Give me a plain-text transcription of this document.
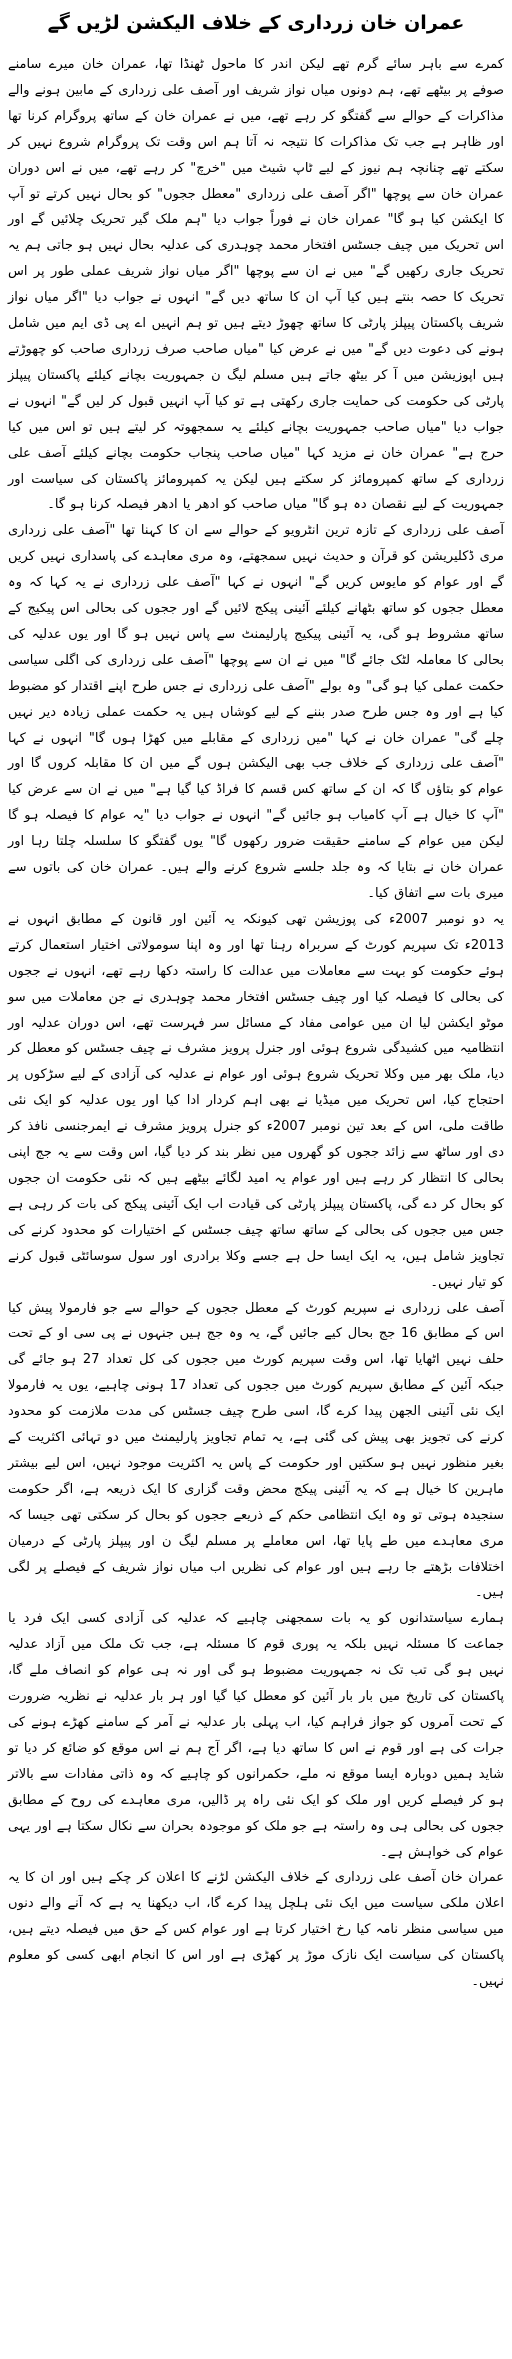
عمران خان زرداری کے خلاف الیکشن لڑیں گے

کمرے سے باہر سائے گرم تھے لیکن اندر کا ماحول ٹھنڈا تھا، عمران خان میرے سامنے صوفے پر بیٹھے تھے، ہم دونوں میاں نواز شریف اور آصف علی زرداری کے مابین ہونے والے مذاکرات کے حوالے سے گفتگو کر رہے تھے، میں نے عمران خان کے ساتھ پروگرام کرنا تھا اور ظاہر ہے جب تک مذاکرات کا نتیجہ نہ آتا ہم اس وقت تک پروگرام شروع نہیں کر سکتے تھے چنانچہ ہم نیوز کے لیے ٹاپ شیٹ میں "خرچ" کر رہے تھے، میں نے اس دوران عمران خان سے پوچھا "اگر آصف علی زرداری "معطل ججوں" کو بحال نہیں کرتے تو آپ کا ایکشن کیا ہو گا" عمران خان نے فوراً جواب دیا "ہم ملک گیر تحریک چلائیں گے اور اس تحریک میں چیف جسٹس افتخار محمد چوہدری کی عدلیہ بحال نہیں ہو جاتی ہم یہ تحریک جاری رکھیں گے" میں نے ان سے پوچھا "اگر میاں نواز شریف عملی طور پر اس تحریک کا حصہ بنتے ہیں کیا آپ ان کا ساتھ دیں گے" انہوں نے جواب دیا "اگر میاں نواز شریف پاکستان پیپلز پارٹی کا ساتھ چھوڑ دیتے ہیں تو ہم انہیں اے پی ڈی ایم میں شامل ہونے کی دعوت دیں گے" میں نے عرض کیا "میاں صاحب صرف زرداری صاحب کو چھوڑتے ہیں اپوزیشن میں آ کر بیٹھ جاتے ہیں مسلم لیگ ن جمہوریت بچانے کیلئے پاکستان پیپلز پارٹی کی حکومت کی حمایت جاری رکھتی ہے تو کیا آپ انہیں قبول کر لیں گے" انہوں نے جواب دیا "میاں صاحب جمہوریت بچانے کیلئے یہ سمجھوتہ کر لیتے ہیں تو اس میں کیا حرج ہے" عمران خان نے مزید کہا "میاں صاحب پنجاب حکومت بچانے کیلئے آصف علی زرداری کے ساتھ کمپرومائز کر سکتے ہیں لیکن یہ کمپرومائز پاکستان کی سیاست اور جمہوریت کے لیے نقصان دہ ہو گا" میاں صاحب کو ادھر یا ادھر فیصلہ کرنا ہو گا۔

آصف علی زرداری کے تازہ ترین انٹرویو کے حوالے سے ان کا کہنا تھا "آصف علی زرداری مری ڈکلیریشن کو قرآن و حدیث نہیں سمجھتے، وہ مری معاہدے کی پاسداری نہیں کریں گے اور عوام کو مایوس کریں گے" انہوں نے کہا "آصف علی زرداری نے یہ کہا کہ وہ معطل ججوں کو ساتھ بٹھانے کیلئے آئینی پیکج لائیں گے اور ججوں کی بحالی اس پیکیج کے ساتھ مشروط ہو گی، یہ آئینی پیکیج پارلیمنٹ سے پاس نہیں ہو گا اور یوں عدلیہ کی بحالی کا معاملہ لٹک جائے گا" میں نے ان سے پوچھا "آصف علی زرداری کی اگلی سیاسی حکمت عملی کیا ہو گی" وہ بولے "آصف علی زرداری نے جس طرح اپنے اقتدار کو مضبوط کیا ہے اور وہ جس طرح صدر بننے کے لیے کوشاں ہیں یہ حکمت عملی زیادہ دیر نہیں چلے گی" عمران خان نے کہا "میں زرداری کے مقابلے میں کھڑا ہوں گا" انہوں نے کہا "آصف علی زرداری کے خلاف جب بھی الیکشن ہوں گے میں ان کا مقابلہ کروں گا اور عوام کو بتاؤں گا کہ ان کے ساتھ کس قسم کا فراڈ کیا گیا ہے" میں نے ان سے عرض کیا "آپ کا خیال ہے آپ کامیاب ہو جائیں گے" انہوں نے جواب دیا "یہ عوام کا فیصلہ ہو گا لیکن میں عوام کے سامنے حقیقت ضرور رکھوں گا" یوں گفتگو کا سلسلہ چلتا رہا اور عمران خان نے بتایا کہ وہ جلد جلسے شروع کرنے والے ہیں۔ عمران خان کی باتوں سے میری بات سے اتفاق کیا۔

یہ دو نومبر 2007ء کی پوزیشن تھی کیونکہ یہ آئین اور قانون کے مطابق انہوں نے 2013ء تک سپریم کورٹ کے سربراہ رہنا تھا اور وہ اپنا سومولاتی اختیار استعمال کرتے ہوئے حکومت کو بہت سے معاملات میں عدالت کا راستہ دکھا رہے تھے، انہوں نے ججوں کی بحالی کا فیصلہ کیا اور چیف جسٹس افتخار محمد چوہدری نے جن معاملات میں سو موٹو ایکشن لیا ان میں عوامی مفاد کے مسائل سر فہرست تھے، اس دوران عدلیہ اور انتظامیہ میں کشیدگی شروع ہوئی اور جنرل پرویز مشرف نے چیف جسٹس کو معطل کر دیا، ملک بھر میں وکلا تحریک شروع ہوئی اور عوام نے عدلیہ کی آزادی کے لیے سڑکوں پر احتجاج کیا، اس تحریک میں میڈیا نے بھی اہم کردار ادا کیا اور یوں عدلیہ کو ایک نئی طاقت ملی، اس کے بعد تین نومبر 2007ء کو جنرل پرویز مشرف نے ایمرجنسی نافذ کر دی اور ساٹھ سے زائد ججوں کو گھروں میں نظر بند کر دیا گیا، اس وقت سے یہ جج اپنی بحالی کا انتظار کر رہے ہیں اور عوام یہ امید لگائے بیٹھے ہیں کہ نئی حکومت ان ججوں کو بحال کر دے گی، پاکستان پیپلز پارٹی کی قیادت اب ایک آئینی پیکج کی بات کر رہی ہے جس میں ججوں کی بحالی کے ساتھ ساتھ چیف جسٹس کے اختیارات کو محدود کرنے کی تجاویز شامل ہیں، یہ ایک ایسا حل ہے جسے وکلا برادری اور سول سوسائٹی قبول کرنے کو تیار نہیں۔

آصف علی زرداری نے سپریم کورٹ کے معطل ججوں کے حوالے سے جو فارمولا پیش کیا اس کے مطابق 16 جج بحال کیے جائیں گے، یہ وہ جج ہیں جنہوں نے پی سی او کے تحت حلف نہیں اٹھایا تھا، اس وقت سپریم کورٹ میں ججوں کی کل تعداد 27 ہو جائے گی جبکہ آئین کے مطابق سپریم کورٹ میں ججوں کی تعداد 17 ہونی چاہیے، یوں یہ فارمولا ایک نئی آئینی الجھن پیدا کرے گا، اسی طرح چیف جسٹس کی مدت ملازمت کو محدود کرنے کی تجویز بھی پیش کی گئی ہے، یہ تمام تجاویز پارلیمنٹ میں دو تہائی اکثریت کے بغیر منظور نہیں ہو سکتیں اور حکومت کے پاس یہ اکثریت موجود نہیں، اس لیے بیشتر ماہرین کا خیال ہے کہ یہ آئینی پیکج محض وقت گزاری کا ایک ذریعہ ہے، اگر حکومت سنجیدہ ہوتی تو وہ ایک انتظامی حکم کے ذریعے ججوں کو بحال کر سکتی تھی جیسا کہ مری معاہدے میں طے پایا تھا، اس معاملے پر مسلم لیگ ن اور پیپلز پارٹی کے درمیان اختلافات بڑھتے جا رہے ہیں اور عوام کی نظریں اب میاں نواز شریف کے فیصلے پر لگی ہیں۔

ہمارے سیاستدانوں کو یہ بات سمجھنی چاہیے کہ عدلیہ کی آزادی کسی ایک فرد یا جماعت کا مسئلہ نہیں بلکہ یہ پوری قوم کا مسئلہ ہے، جب تک ملک میں آزاد عدلیہ نہیں ہو گی تب تک نہ جمہوریت مضبوط ہو گی اور نہ ہی عوام کو انصاف ملے گا، پاکستان کی تاریخ میں بار بار آئین کو معطل کیا گیا اور ہر بار عدلیہ نے نظریہ ضرورت کے تحت آمروں کو جواز فراہم کیا، اب پہلی بار عدلیہ نے آمر کے سامنے کھڑے ہونے کی جرات کی ہے اور قوم نے اس کا ساتھ دیا ہے، اگر آج ہم نے اس موقع کو ضائع کر دیا تو شاید ہمیں دوبارہ ایسا موقع نہ ملے، حکمرانوں کو چاہیے کہ وہ ذاتی مفادات سے بالاتر ہو کر فیصلے کریں اور ملک کو ایک نئی راہ پر ڈالیں، مری معاہدے کی روح کے مطابق ججوں کی بحالی ہی وہ راستہ ہے جو ملک کو موجودہ بحران سے نکال سکتا ہے اور یہی عوام کی خواہش ہے۔

عمران خان آصف علی زرداری کے خلاف الیکشن لڑنے کا اعلان کر چکے ہیں اور ان کا یہ اعلان ملکی سیاست میں ایک نئی ہلچل پیدا کرے گا، اب دیکھنا یہ ہے کہ آنے والے دنوں میں سیاسی منظر نامہ کیا رخ اختیار کرتا ہے اور عوام کس کے حق میں فیصلہ دیتے ہیں، پاکستان کی سیاست ایک نازک موڑ پر کھڑی ہے اور اس کا انجام ابھی کسی کو معلوم نہیں۔
